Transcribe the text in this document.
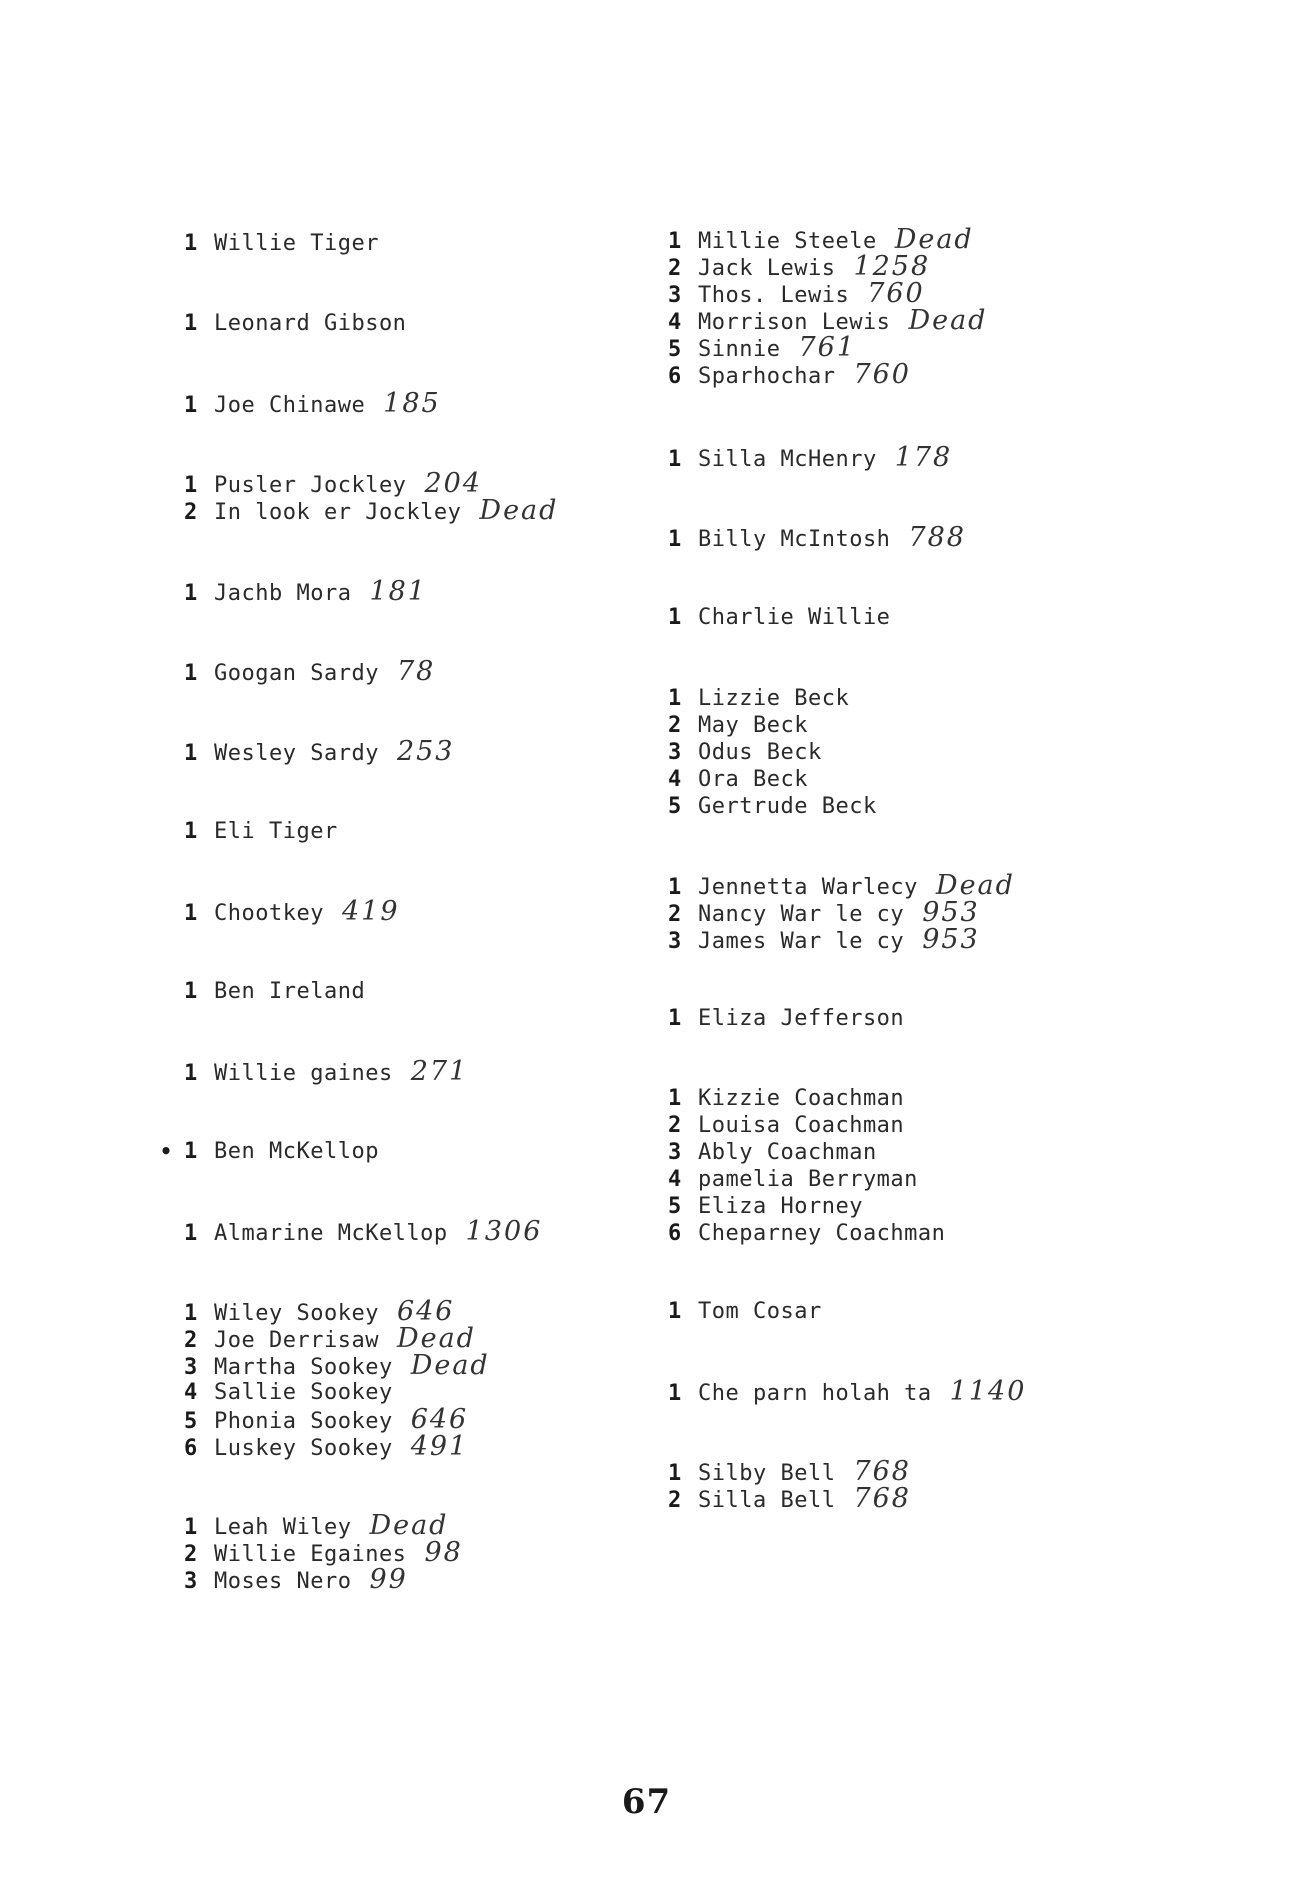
1 Willie Tiger
1 Leonard Gibson
1 Joe Chinawe 185
1 Pusler Jockley 204
2 In look er Jockley Dead
1 Jachb Mora 181
1 Googan Sardy 78
1 Wesley Sardy 253
1 Eli Tiger
1 Chootkey 419
1 Ben Ireland
1 Willie gaines 271
• 1 Ben McKellop
1 Almarine McKellop 1306
1 Wiley Sookey 646
2 Joe Derrisaw Dead
3 Martha Sookey Dead
4 Sallie Sookey
5 Phonia Sookey 646
6 Luskey Sookey 491
1 Leah Wiley Dead
2 Willie Egaines 98
3 Moses Nero 99
1 Millie Steele Dead
2 Jack Lewis 1258
3 Thos. Lewis 760
4 Morrison Lewis Dead
5 Sinnie 761
6 Sparhochar 760
1 Silla McHenry 178
1 Billy McIntosh 788
1 Charlie Willie
1 Lizzie Beck
2 May Beck
3 Odus Beck
4 Ora Beck
5 Gertrude Beck
1 Jennetta Warlecy Dead
2 Nancy War le cy 953
3 James War le cy 953
1 Eliza Jefferson
1 Kizzie Coachman
2 Louisa Coachman
3 Ably Coachman
4 pamelia Berryman
5 Eliza Horney
6 Cheparney Coachman
1 Tom Cosar
1 Che parn holah ta 1140
1 Silby Bell 768
2 Silla Bell 768
67
